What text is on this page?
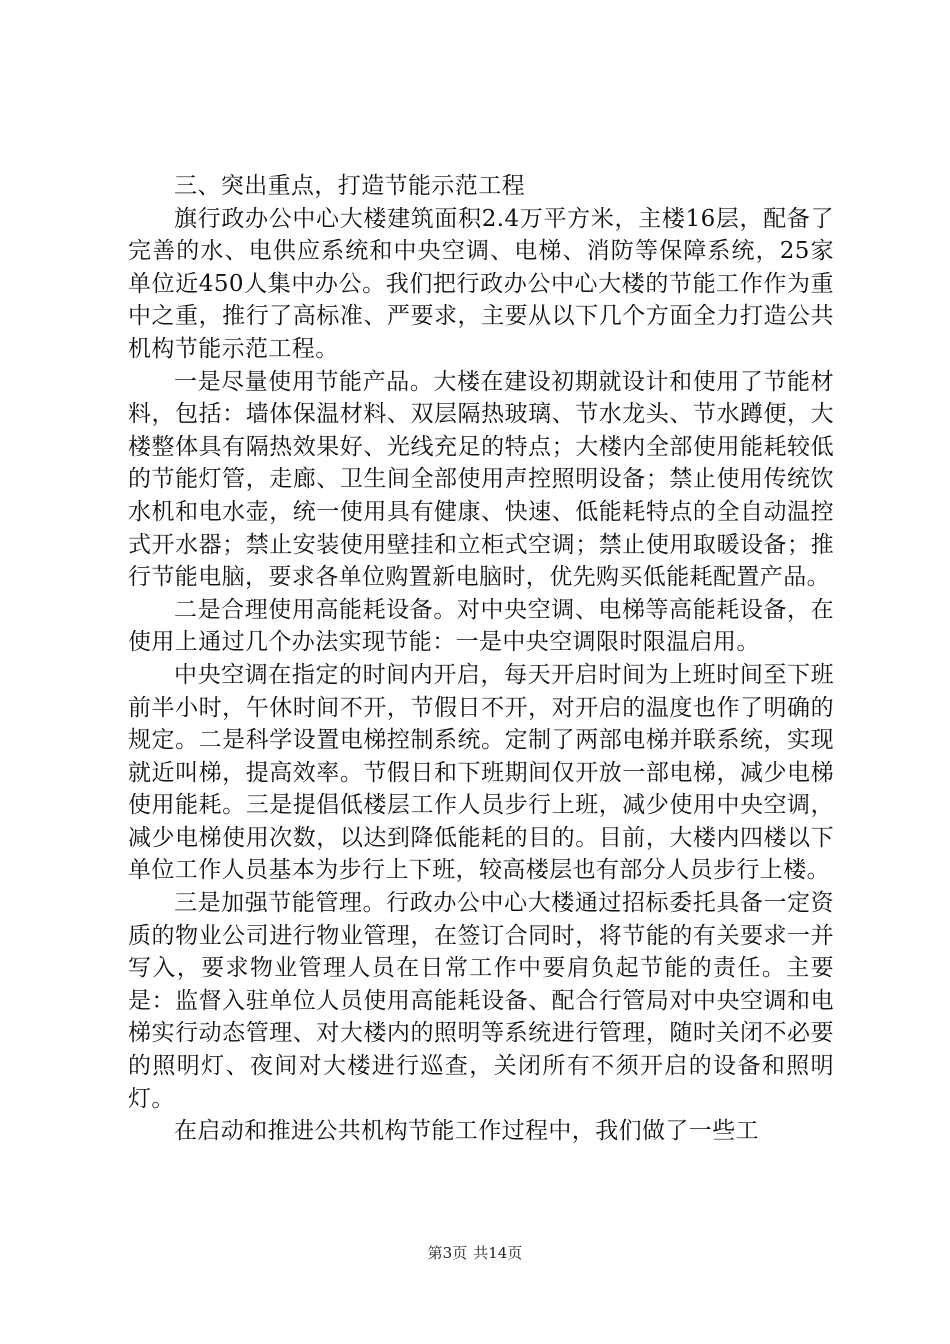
三、突出重点，打造节能示范工程

旗行政办公中心大楼建筑面积2.4万平方米，主楼16层，配备了完善的水、电供应系统和中央空调、电梯、消防等保障系统，25家单位近450人集中办公。我们把行政办公中心大楼的节能工作作为重中之重，推行了高标准、严要求，主要从以下几个方面全力打造公共机构节能示范工程。

一是尽量使用节能产品。大楼在建设初期就设计和使用了节能材料，包括：墙体保温材料、双层隔热玻璃、节水龙头、节水蹲便，大楼整体具有隔热效果好、光线充足的特点；大楼内全部使用能耗较低的节能灯管，走廊、卫生间全部使用声控照明设备；禁止使用传统饮水机和电水壶，统一使用具有健康、快速、低能耗特点的全自动温控式开水器；禁止安装使用壁挂和立柜式空调；禁止使用取暖设备；推行节能电脑，要求各单位购置新电脑时，优先购买低能耗配置产品。

二是合理使用高能耗设备。对中央空调、电梯等高能耗设备，在使用上通过几个办法实现节能：一是中央空调限时限温启用。

中央空调在指定的时间内开启，每天开启时间为上班时间至下班前半小时，午休时间不开，节假日不开，对开启的温度也作了明确的规定。二是科学设置电梯控制系统。定制了两部电梯并联系统，实现就近叫梯，提高效率。节假日和下班期间仅开放一部电梯，减少电梯使用能耗。三是提倡低楼层工作人员步行上班，减少使用中央空调，减少电梯使用次数，以达到降低能耗的目的。目前，大楼内四楼以下单位工作人员基本为步行上下班，较高楼层也有部分人员步行上楼。

三是加强节能管理。行政办公中心大楼通过招标委托具备一定资质的物业公司进行物业管理，在签订合同时，将节能的有关要求一并写入，要求物业管理人员在日常工作中要肩负起节能的责任。主要是：监督入驻单位人员使用高能耗设备、配合行管局对中央空调和电梯实行动态管理、对大楼内的照明等系统进行管理，随时关闭不必要的照明灯、夜间对大楼进行巡查，关闭所有不须开启的设备和照明灯。

在启动和推进公共机构节能工作过程中，我们做了一些工

第3页 共14页
